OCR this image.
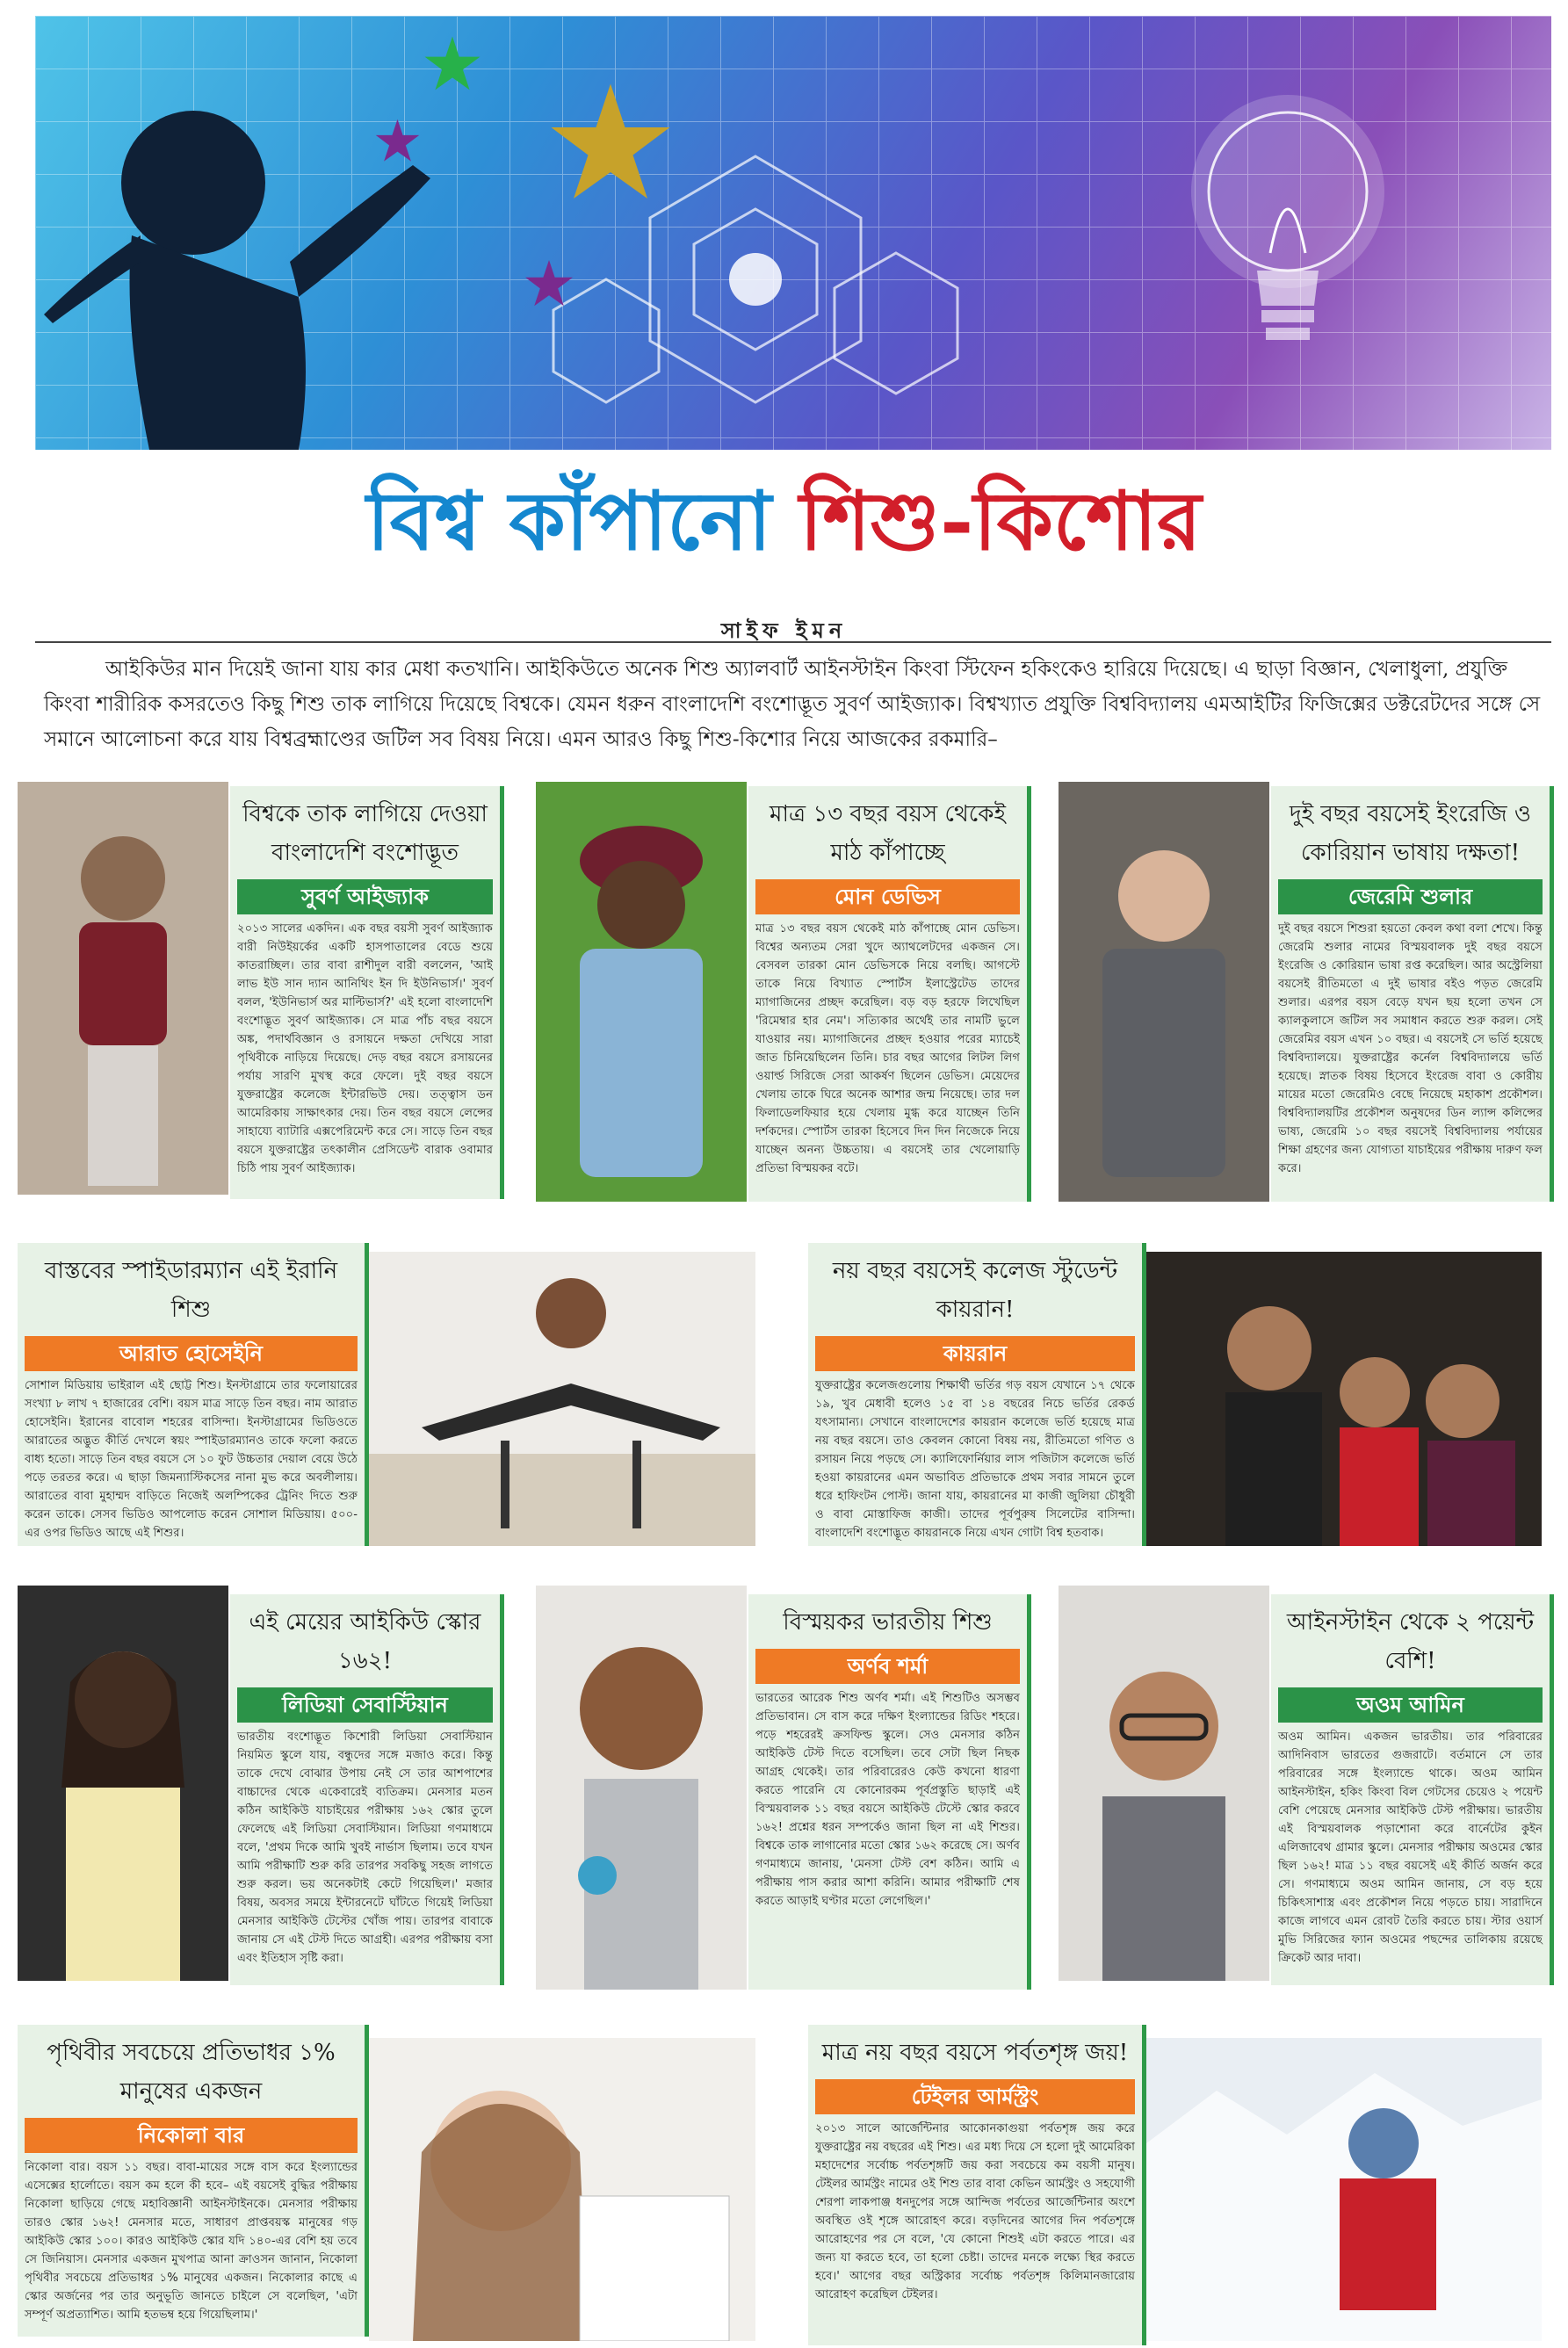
বিশ্ব কাঁপানো শিশু-কিশোর
সাইফ ইমন
আইকিউর মান দিয়েই জানা যায় কার মেধা কতখানি। আইকিউতে অনেক শিশু অ্যালবার্ট আইনস্টাইন কিংবা স্টিফেন হকিংকেও হারিয়ে দিয়েছে। এ ছাড়া বিজ্ঞান, খেলাধুলা, প্রযুক্তি কিংবা শারীরিক কসরতেও কিছু শিশু তাক লাগিয়ে দিয়েছে বিশ্বকে। যেমন ধরুন বাংলাদেশি বংশোদ্ভূত সুবর্ণ আইজ্যাক। বিশ্বখ্যাত প্রযুক্তি বিশ্ববিদ্যালয় এমআইটির ফিজিক্সের ডক্টরেটদের সঙ্গে সে সমানে আলোচনা করে যায় বিশ্বব্রহ্মাণ্ডের জটিল সব বিষয় নিয়ে। এমন আরও কিছু শিশু-কিশোর নিয়ে আজকের রকমারি–
বিশ্বকে তাক লাগিয়ে দেওয়া বাংলাদেশি বংশোদ্ভূত
সুবর্ণ আইজ্যাক
২০১৩ সালের একদিন। এক বছর বয়সী সুবর্ণ আইজ্যাক বারী নিউইয়র্কের একটি হাসপাতালের বেডে শুয়ে কাতরাচ্ছিল। তার বাবা রাশীদুল বারী বললেন, 'আই লাভ ইউ সান দ্যান আনিথিং ইন দি ইউনিভার্স।' সুবর্ণ বলল, 'ইউনিভার্স অর মাল্টিভার্স?' এই হলো বাংলাদেশি বংশোদ্ভূত সুবর্ণ আইজ্যাক। সে মাত্র পাঁচ বছর বয়সে অঙ্ক, পদার্থবিজ্ঞান ও রসায়নে দক্ষতা দেখিয়ে সারা পৃথিবীকে নাড়িয়ে দিয়েছে। দেড় বছর বয়সে রসায়নের পর্যায় সারণি মুখস্থ করে ফেলে। দুই বছর বয়সে যুক্তরাষ্ট্রের কলেজে ইন্টারভিউ দেয়। তত্ত্বাস ডন আমেরিকায় সাক্ষাৎকার দেয়। তিন বছর বয়সে লেন্সের সাহায্যে ব্যাটারি এক্সপেরিমেন্ট করে সে। সাড়ে তিন বছর বয়সে যুক্তরাষ্ট্রের তৎকালীন প্রেসিডেন্ট বারাক ওবামার চিঠি পায় সুবর্ণ আইজ্যাক।
মাত্র ১৩ বছর বয়স থেকেই মাঠ কাঁপাচ্ছে
মোন ডেভিস
মাত্র ১৩ বছর বয়স থেকেই মাঠ কাঁপাচ্ছে মোন ডেভিস। বিশ্বের অন্যতম সেরা খুদে অ্যাথলেটদের একজন সে। বেসবল তারকা মোন ডেভিসকে নিয়ে বলছি। আগস্টে তাকে নিয়ে বিখ্যাত স্পোর্টস ইলাস্ট্রেটেড তাদের ম্যাগাজিনের প্রচ্ছদ করেছিল। বড় বড় হরফে লিখেছিল 'রিমেম্বার হার নেম'। সত্যিকার অর্থেই তার নামটি ভুলে যাওয়ার নয়। ম্যাগাজিনের প্রচ্ছদ হওয়ার পরের ম্যাচেই জাত চিনিয়েছিলেন তিনি। চার বছর আগের লিটল লিগ ওয়ার্ল্ড সিরিজে সেরা আকর্ষণ ছিলেন ডেভিস। মেয়েদের খেলায় তাকে ঘিরে অনেক আশার জন্ম নিয়েছে। তার দল ফিলাডেলফিয়ার হয়ে খেলায় মুগ্ধ করে যাচ্ছেন তিনি দর্শকদের। স্পোর্টস তারকা হিসেবে দিন দিন নিজেকে নিয়ে যাচ্ছেন অনন্য উচ্চতায়। এ বয়সেই তার খেলোয়াড়ি প্রতিভা বিস্ময়কর বটে।
দুই বছর বয়সেই ইংরেজি ও কোরিয়ান ভাষায় দক্ষতা!
জেরেমি শুলার
দুই বছর বয়সে শিশুরা হয়তো কেবল কথা বলা শেখে। কিন্তু জেরেমি শুলার নামের বিস্ময়বালক দুই বছর বয়সে ইংরেজি ও কোরিয়ান ভাষা রপ্ত করেছিল। আর অস্ট্রেলিয়া বয়সেই রীতিমতো এ দুই ভাষার বইও পড়ত জেরেমি শুলার। এরপর বয়স বেড়ে যখন ছয় হলো তখন সে ক্যালকুলাসে জটিল সব সমাধান করতে শুরু করল। সেই জেরেমির বয়স এখন ১০ বছর। এ বয়সেই সে ভর্তি হয়েছে বিশ্ববিদ্যালয়ে। যুক্তরাষ্ট্রের কর্নেল বিশ্ববিদ্যালয়ে ভর্তি হয়েছে। স্নাতক বিষয় হিসেবে ইংরেজ বাবা ও কোরীয় মায়ের মতো জেরেমিও বেছে নিয়েছে মহাকাশ প্রকৌশল। বিশ্ববিদ্যালয়টির প্রকৌশল অনুষদের ডিন ল্যান্স কলিন্সের ভাষ্য, জেরেমি ১০ বছর বয়সেই বিশ্ববিদ্যালয় পর্যায়ের শিক্ষা গ্রহণের জন্য যোগ্যতা যাচাইয়ের পরীক্ষায় দারুণ ফল করে।
বাস্তবের স্পাইডারম্যান এই ইরানি শিশু
আরাত হোসেইনি
সোশাল মিডিয়ায় ভাইরাল এই ছোট্ট শিশু। ইনস্টাগ্রামে তার ফলোয়ারের সংখ্যা ৮ লাখ ৭ হাজারের বেশি। বয়স মাত্র সাড়ে তিন বছর। নাম আরাত হোসেইনি। ইরানের বাবোল শহরের বাসিন্দা। ইনস্টাগ্রামের ভিডিওতে আরাতের অদ্ভুত কীর্তি দেখলে স্বয়ং স্পাইডারম্যানও তাকে ফলো করতে বাধ্য হতো। সাড়ে তিন বছর বয়সে সে ১০ ফুট উচ্চতার দেয়াল বেয়ে উঠে পড়ে তরতর করে। এ ছাড়া জিমন্যাস্টিকসের নানা মুভ করে অবলীলায়। আরাতের বাবা মুহাম্মদ বাড়িতে নিজেই অলম্পিকের ট্রেনিং দিতে শুরু করেন তাকে। সেসব ভিডিও আপলোড করেন সোশাল মিডিয়ায়। ৫০০-এর ওপর ভিডিও আছে এই শিশুর।
নয় বছর বয়সেই কলেজ স্টুডেন্ট কায়রান!
কায়রান
যুক্তরাষ্ট্রের কলেজগুলোয় শিক্ষার্থী ভর্তির গড় বয়স যেখানে ১৭ থেকে ১৯, খুব মেধাবী হলেও ১৫ বা ১৪ বছরের নিচে ভর্তির রেকর্ড যৎসামান্য। সেখানে বাংলাদেশের কায়রান কলেজে ভর্তি হয়েছে মাত্র নয় বছর বয়সে। তাও কেবলন কোনো বিষয় নয়, রীতিমতো গণিত ও রসায়ন নিয়ে পড়ছে সে। ক্যালিফোর্নিয়ার লাস পজিটাস কলেজে ভর্তি হওয়া কায়রানের এমন অভাবিত প্রতিভাকে প্রথম সবার সামনে তুলে ধরে হাফিংটন পোস্ট। জানা যায়, কায়রানের মা কাজী জুলিয়া চৌধুরী ও বাবা মোস্তাফিজ কাজী। তাদের পূর্বপুরুষ সিলেটের বাসিন্দা। বাংলাদেশি বংশোদ্ভূত কায়রানকে নিয়ে এখন গোটা বিশ্ব হতবাক।
এই মেয়ের আইকিউ স্কোর ১৬২!
লিডিয়া সেবাস্টিয়ান
ভারতীয় বংশোদ্ভূত কিশোরী লিডিয়া সেবাস্টিয়ান নিয়মিত স্কুলে যায়, বন্ধুদের সঙ্গে মজাও করে। কিন্তু তাকে দেখে বোঝার উপায় নেই সে তার আশপাশের বাচ্চাদের থেকে একেবারেই ব্যতিক্রম। মেনসার মতন কঠিন আইকিউ যাচাইয়ের পরীক্ষায় ১৬২ স্কোর তুলে ফেলেছে এই লিডিয়া সেবাস্টিয়ান। লিডিয়া গণমাধ্যমে বলে, 'প্রথম দিকে আমি খুবই নার্ভাস ছিলাম। তবে যখন আমি পরীক্ষাটি শুরু করি তারপর সবকিছু সহজ লাগতে শুরু করল। ভয় অনেকটাই কেটে গিয়েছিল।' মজার বিষয়, অবসর সময়ে ইন্টারনেটে ঘাঁটতে গিয়েই লিডিয়া মেনসার আইকিউ টেস্টের খোঁজ পায়। তারপর বাবাকে জানায় সে এই টেস্ট দিতে আগ্রহী। এরপর পরীক্ষায় বসা এবং ইতিহাস সৃষ্টি করা।
বিস্ময়কর ভারতীয় শিশু
অর্ণব শর্মা
ভারতের আরেক শিশু অর্ণব শর্মা। এই শিশুটিও অসম্ভব প্রতিভাবান। সে বাস করে দক্ষিণ ইংল্যান্ডের রিডিং শহরে। পড়ে শহরেরই ক্রসফিল্ড স্কুলে। সেও মেনসার কঠিন আইকিউ টেস্ট দিতে বসেছিল। তবে সেটা ছিল নিছক আগ্রহ থেকেই। তার পরিবারেরও কেউ কখনো ধারণা করতে পারেনি যে কোনোরকম পূর্বপ্রস্তুতি ছাড়াই এই বিস্ময়বালক ১১ বছর বয়সে আইকিউ টেস্টে স্কোর করবে ১৬২! প্রশ্নের ধরন সম্পর্কেও জানা ছিল না এই শিশুর। বিশ্বকে তাক লাগানোর মতো স্কোর ১৬২ করেছে সে। অর্ণব গণমাধ্যমে জানায়, 'মেনসা টেস্ট বেশ কঠিন। আমি এ পরীক্ষায় পাস করার আশা করিনি। আমার পরীক্ষাটি শেষ করতে আড়াই ঘণ্টার মতো লেগেছিল।'
আইনস্টাইন থেকে ২ পয়েন্ট বেশি!
অওম আমিন
অওম আমিন। একজন ভারতীয়। তার পরিবারের আদিনিবাস ভারতের গুজরাটে। বর্তমানে সে তার পরিবারের সঙ্গে ইংল্যান্ডে থাকে। অওম আমিন আইনস্টাইন, হকিং কিংবা বিল গেটসের চেয়েও ২ পয়েন্ট বেশি পেয়েছে মেনসার আইকিউ টেস্ট পরীক্ষায়। ভারতীয় এই বিস্ময়বালক পড়াশোনা করে বার্নেটের কুইন এলিজাবেথ গ্রামার স্কুলে। মেনসার পরীক্ষায় অওমের স্কোর ছিল ১৬২! মাত্র ১১ বছর বয়সেই এই কীর্তি অর্জন করে সে। গণমাধ্যমে অওম আমিন জানায়, সে বড় হয়ে চিকিৎসাশাস্ত্র এবং প্রকৌশল নিয়ে পড়তে চায়। সারাদিনে কাজে লাগবে এমন রোবট তৈরি করতে চায়। স্টার ওয়ার্স মুভি সিরিজের ফ্যান অওমের পছন্দের তালিকায় রয়েছে ক্রিকেট আর দাবা।
পৃথিবীর সবচেয়ে প্রতিভাধর ১% মানুষের একজন
নিকোলা বার
নিকোলা বার। বয়স ১১ বছর। বাবা-মায়ের সঙ্গে বাস করে ইংল্যান্ডের এসেক্সের হার্লোতে। বয়স কম হলে কী হবে– এই বয়সেই বুদ্ধির পরীক্ষায় নিকোলা ছাড়িয়ে গেছে মহাবিজ্ঞানী আইনস্টাইনকে। মেনসার পরীক্ষায় তারও স্কোর ১৬২! মেনসার মতে, সাধারণ প্রাপ্তবয়স্ক মানুষের গড় আইকিউ স্কোর ১০০। কারও আইকিউ স্কোর যদি ১৪০-এর বেশি হয় তবে সে জিনিয়াস। মেনসার একজন মুখপাত্র আনা ক্রাওসন জানান, নিকোলা পৃথিবীর সবচেয়ে প্রতিভাধর ১% মানুষের একজন। নিকোলার কাছে এ স্কোর অর্জনের পর তার অনুভূতি জানতে চাইলে সে বলেছিল, 'এটা সম্পূর্ণ অপ্রত্যাশিত। আমি হতভম্ব হয়ে গিয়েছিলাম।'
মাত্র নয় বছর বয়সে পর্বতশৃঙ্গ জয়!
টেইলর আর্মস্ট্রং
২০১৩ সালে আর্জেন্টিনার আকোনকাগুয়া পর্বতশৃঙ্গ জয় করে যুক্তরাষ্ট্রের নয় বছরের এই শিশু। এর মধ্য দিয়ে সে হলো দুই আমেরিকা মহাদেশের সর্বোচ্চ পর্বতশৃঙ্গটি জয় করা সবচেয়ে কম বয়সী মানুষ। টেইলর আর্মস্ট্রং নামের ওই শিশু তার বাবা কেভিন আর্মস্ট্রং ও সহযোগী শেরপা লাকপাঞ্জ ধনদুপের সঙ্গে আন্দিজ পর্বতের আর্জেন্টিনার অংশে অবস্থিত ওই শৃঙ্গে আরোহণ করে। বড়দিনের আগের দিন পর্বতশৃঙ্গে আরোহণের পর সে বলে, 'যে কোনো শিশুই এটা করতে পারে। এর জন্য যা করতে হবে, তা হলো চেষ্টা। তাদের মনকে লক্ষ্যে স্থির করতে হবে।' আগের বছর অস্ট্রিকার সর্বোচ্চ পর্বতশৃঙ্গ কিলিমানজারোয় আরোহণ করেছিল টেইলর।
